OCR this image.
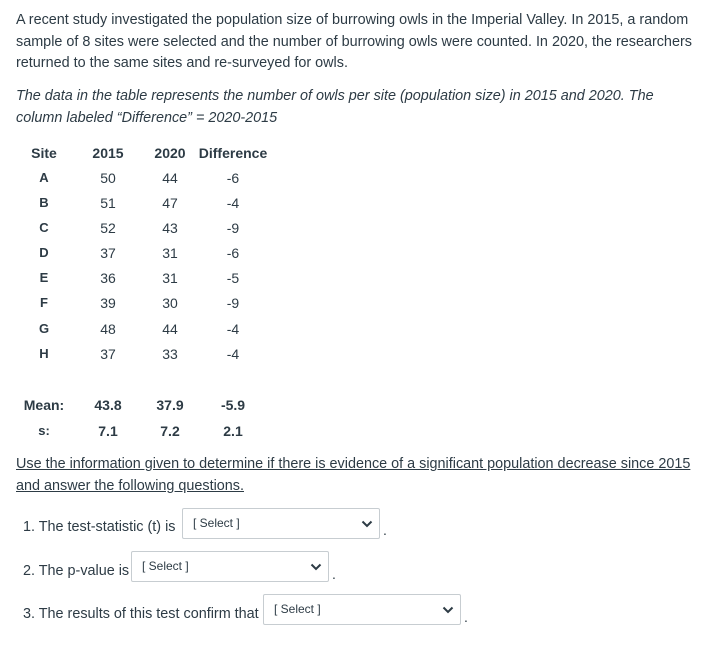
A recent study investigated the population size of burrowing owls in the Imperial Valley. In 2015, a random sample of 8 sites were selected and the number of burrowing owls were counted. In 2020, the researchers returned to the same sites and re-surveyed for owls.

The data in the table represents the number of owls per site (population size) in 2015 and 2020. The column labeled “Difference” = 2020-2015

Site	2015 2020 Difference
A	50	44	-6
B	51	47	-4
C	52	43	-9
D	37	31	-6
E	36	31	-5
F	39	30	-9
G	48	44	-4
H	37	33	-4
Mean: 43.8 37.9	-5.9
s:	7.1	7.2	2.1

Use the information given to determine if there is evidence of a significant population decrease since 2015 and answer the following questions.

1. The test-statistic (t) is [ Select ]	.
2. The p-value is [ Select ]	.
3. The results of this test confirm that [ Select ]	.
